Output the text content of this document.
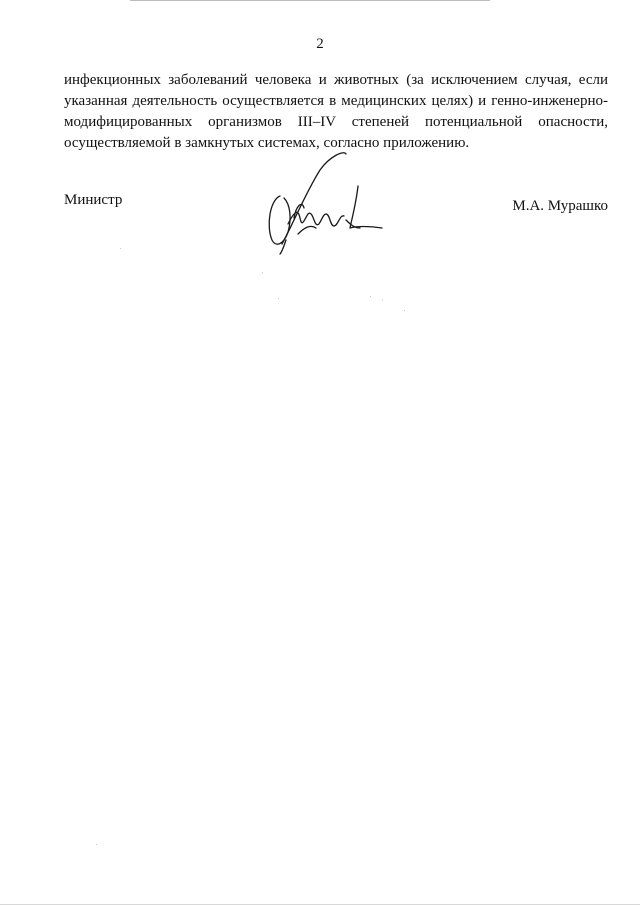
2
инфекционных заболеваний человека и животных (за исключением случая, если
указанная деятельность осуществляется в медицинских целях) и генно-инженерно-
модифицированных организмов III–IV степеней потенциальной опасности,
осуществляемой в замкнутых системах, согласно приложению.
Министр	М.А. Мурашко
